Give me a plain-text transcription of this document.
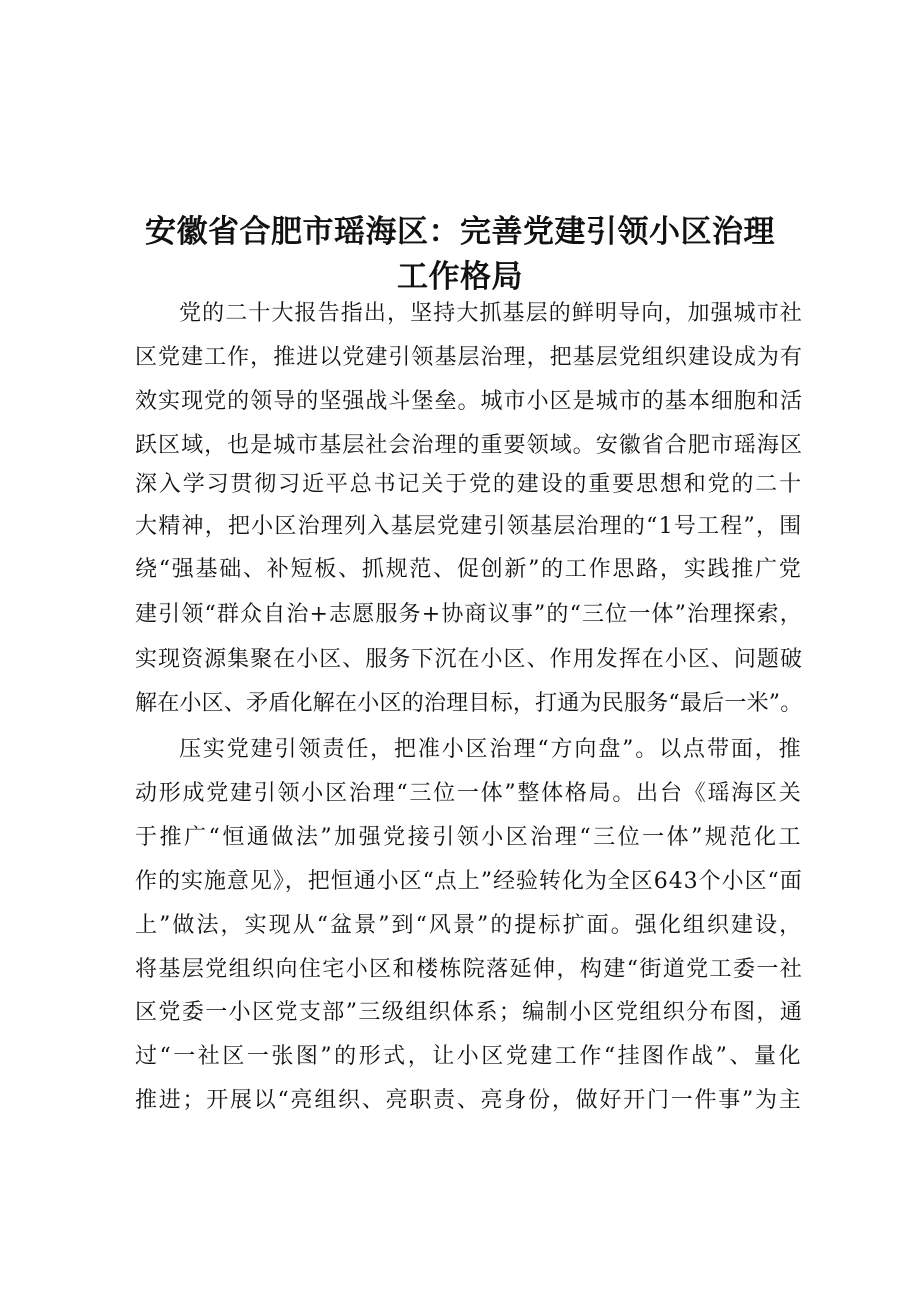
安徽省合肥市瑶海区：完善党建引领小区治理
工作格局
党的二十大报告指出，坚持大抓基层的鲜明导向，加强城市社
区党建工作，推进以党建引领基层治理，把基层党组织建设成为有
效实现党的领导的坚强战斗堡垒。城市小区是城市的基本细胞和活
跃区域，也是城市基层社会治理的重要领域。安徽省合肥市瑶海区
深入学习贯彻习近平总书记关于党的建设的重要思想和党的二十
大精神，把小区治理列入基层党建引领基层治理的“1号工程”，围
绕“强基础、补短板、抓规范、促创新”的工作思路，实践推广党
建引领“群众自治+志愿服务+协商议事”的“三位一体”治理探索，
实现资源集聚在小区、服务下沉在小区、作用发挥在小区、问题破
解在小区、矛盾化解在小区的治理目标，打通为民服务“最后一米”。
压实党建引领责任，把准小区治理“方向盘”。以点带面，推
动形成党建引领小区治理“三位一体”整体格局。出台《瑶海区关
于推广“恒通做法”加强党接引领小区治理“三位一体”规范化工
作的实施意见》，把恒通小区“点上”经验转化为全区643个小区“面
上”做法，实现从“盆景”到“风景”的提标扩面。强化组织建设，
将基层党组织向住宅小区和楼栋院落延伸，构建“街道党工委一社
区党委一小区党支部”三级组织体系；编制小区党组织分布图，通
过“一社区一张图”的形式，让小区党建工作“挂图作战”、量化
推进；开展以“亮组织、亮职责、亮身份，做好开门一件事”为主
